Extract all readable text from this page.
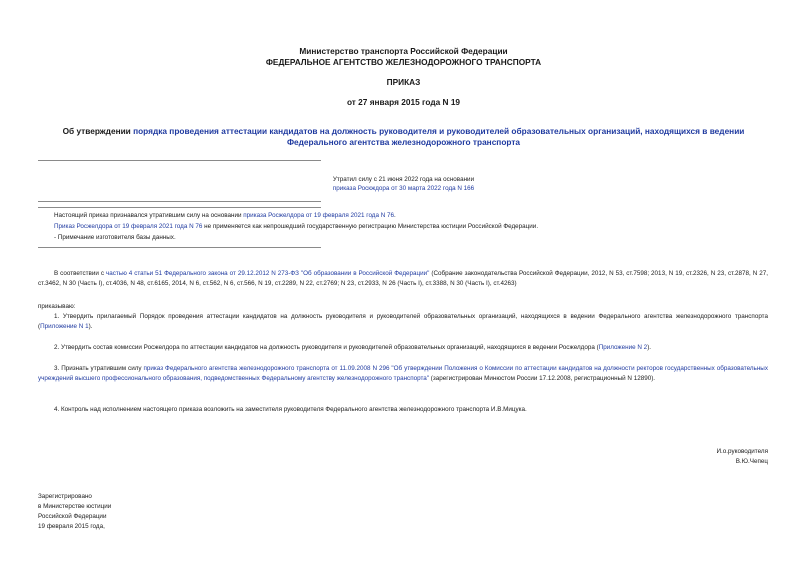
Министерство транспорта Российской Федерации
ФЕДЕРАЛЬНОЕ АГЕНТСТВО ЖЕЛЕЗНОДОРОЖНОГО ТРАНСПОРТА
ПРИКАЗ
от 27 января 2015 года N 19
Об утверждении порядка проведения аттестации кандидатов на должность руководителя и руководителей образовательных организаций, находящихся в ведении Федерального агентства железнодорожного транспорта
Утратил силу с 21 июня 2022 года на основании
приказа Роскждора от 30 марта 2022 года N 166
Настоящий приказ признавался утратившим силу на основании приказа Росжелдора от 19 февраля 2021 года N 76.
Приказ Росжелдора от 19 февраля 2021 года N 76 не применяется как непрошедший государственную регистрацию Министерства юстиции Российской Федерации.
- Примечание изготовителя базы данных.
В соответствии с частью 4 статьи 51 Федерального закона от 29.12.2012 N 273-ФЗ "Об образовании в Российской Федерации" (Собрание законодательства Российской Федерации, 2012, N 53, ст.7598; 2013, N 19, ст.2326, N 23, ст.2878, N 27, ст.3462, N 30 (Часть I), ст.4036, N 48, ст.6165, 2014, N 6, ст.562, N 6, ст.566, N 19, ст.2289, N 22, ст.2769; N 23, ст.2933, N 26 (Часть I), ст.3388, N 30 (Часть I), ст.4263)
приказываю:
1. Утвердить прилагаемый Порядок проведения аттестации кандидатов на должность руководителя и руководителей образовательных организаций, находящихся в ведении Федерального агентства железнодорожного транспорта (Приложение N 1).
2. Утвердить состав комиссии Росжелдора по аттестации кандидатов на должность руководителя и руководителей образовательных организаций, находящихся в ведении Росжелдора (Приложение N 2).
3. Признать утратившим силу приказ Федерального агентства железнодорожного транспорта от 11.09.2008 N 296 "Об утверждении Положения о Комиссии по аттестации кандидатов на должности ректоров государственных образовательных учреждений высшего профессионального образования, подведомственных Федеральному агентству железнодорожного транспорта" (зарегистрирован Минюстом России 17.12.2008, регистрационный N 12890).
4. Контроль над исполнением настоящего приказа возложить на заместителя руководителя Федерального агентства железнодорожного транспорта И.В.Мицука.
И.о.руководителя
В.Ю.Чепец
Зарегистрировано
в Министерстве юстиции
Российской Федерации
19 февраля 2015 года,
